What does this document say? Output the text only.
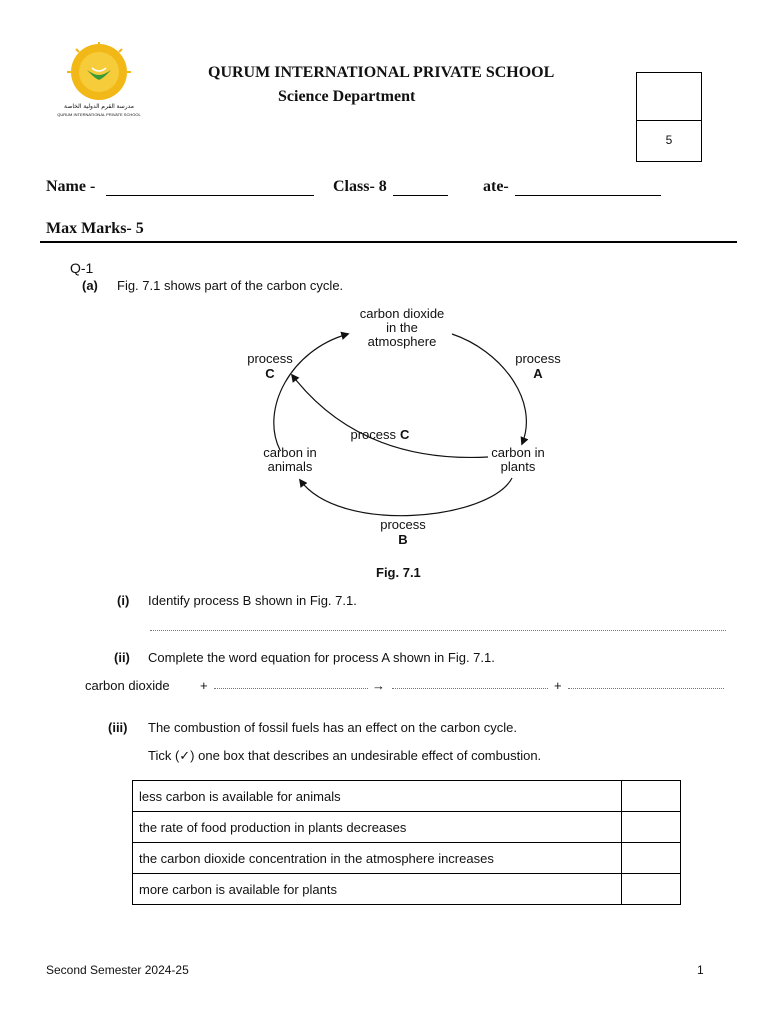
مدرسة القرم الدولية الخاصة
QURUM INTERNATIONAL PRIVATE SCHOOL
QURUM INTERNATIONAL PRIVATE SCHOOL
Science Department
5
Name -	Class- 8	ate-
Max Marks- 5
Q-1
(a) Fig. 7.1 shows part of the carbon cycle.
carbon dioxide
in the
atmosphere
carbon in
plants
carbon in
animals
process
A
process
C
process C
process
B
Fig. 7.1
(i) Identify process B shown in Fig. 7.1.
(ii) Complete the word equation for process A shown in Fig. 7.1.
carbon dioxide +	→	+
(iii) The combustion of fossil fuels has an effect on the carbon cycle.
Tick (✓) one box that describes an undesirable effect of combustion.
less carbon is available for animals	
the rate of food production in plants decreases	
the carbon dioxide concentration in the atmosphere increases	
more carbon is available for plants	
Second Semester 2024-25	1
